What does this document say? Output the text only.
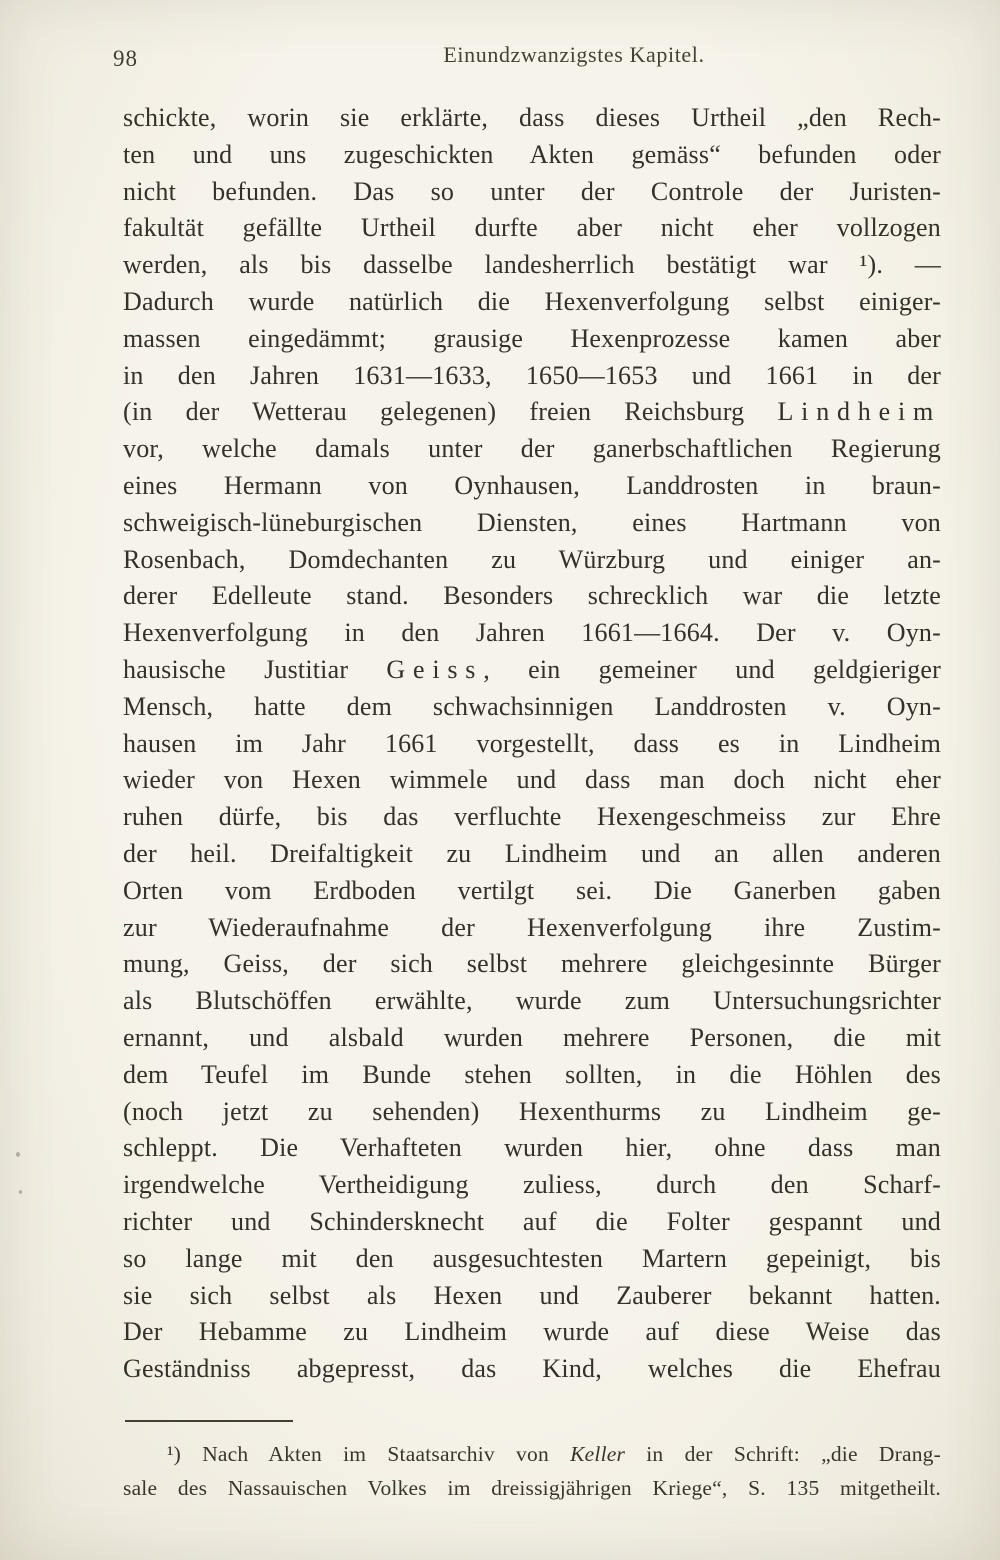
98	Einundzwanzigstes Kapitel.
schickte, worin sie erklärte, dass dieses Urtheil „den Rech-
ten und uns zugeschickten Akten gemäss“ befunden oder
nicht befunden. Das so unter der Controle der Juristen-
fakultät gefällte Urtheil durfte aber nicht eher vollzogen
werden, als bis dasselbe landesherrlich bestätigt war ¹). —
Dadurch wurde natürlich die Hexenverfolgung selbst einiger-
massen eingedämmt; grausige Hexenprozesse kamen aber
in den Jahren 1631—1633, 1650—1653 und 1661 in der
(in der Wetterau gelegenen) freien Reichsburg Lindheim
vor, welche damals unter der ganerbschaftlichen Regierung
eines Hermann von Oynhausen, Landdrosten in braun-
schweigisch-lüneburgischen Diensten, eines Hartmann von
Rosenbach, Domdechanten zu Würzburg und einiger an-
derer Edelleute stand. Besonders schrecklich war die letzte
Hexenverfolgung in den Jahren 1661—1664. Der v. Oyn-
hausische Justitiar Geiss, ein gemeiner und geldgieriger
Mensch, hatte dem schwachsinnigen Landdrosten v. Oyn-
hausen im Jahr 1661 vorgestellt, dass es in Lindheim
wieder von Hexen wimmele und dass man doch nicht eher
ruhen dürfe, bis das verfluchte Hexengeschmeiss zur Ehre
der heil. Dreifaltigkeit zu Lindheim und an allen anderen
Orten vom Erdboden vertilgt sei. Die Ganerben gaben
zur Wiederaufnahme der Hexenverfolgung ihre Zustim-
mung, Geiss, der sich selbst mehrere gleichgesinnte Bürger
als Blutschöffen erwählte, wurde zum Untersuchungsrichter
ernannt, und alsbald wurden mehrere Personen, die mit
dem Teufel im Bunde stehen sollten, in die Höhlen des
(noch jetzt zu sehenden) Hexenthurms zu Lindheim ge-
schleppt. Die Verhafteten wurden hier, ohne dass man
irgendwelche Vertheidigung zuliess, durch den Scharf-
richter und Schindersknecht auf die Folter gespannt und
so lange mit den ausgesuchtesten Martern gepeinigt, bis
sie sich selbst als Hexen und Zauberer bekannt hatten.
Der Hebamme zu Lindheim wurde auf diese Weise das
Geständniss abgepresst, das Kind, welches die Ehefrau
¹) Nach Akten im Staatsarchiv von Keller in der Schrift: „die Drang-
sale des Nassauischen Volkes im dreissigjährigen Kriege“, S. 135 mitgetheilt.
